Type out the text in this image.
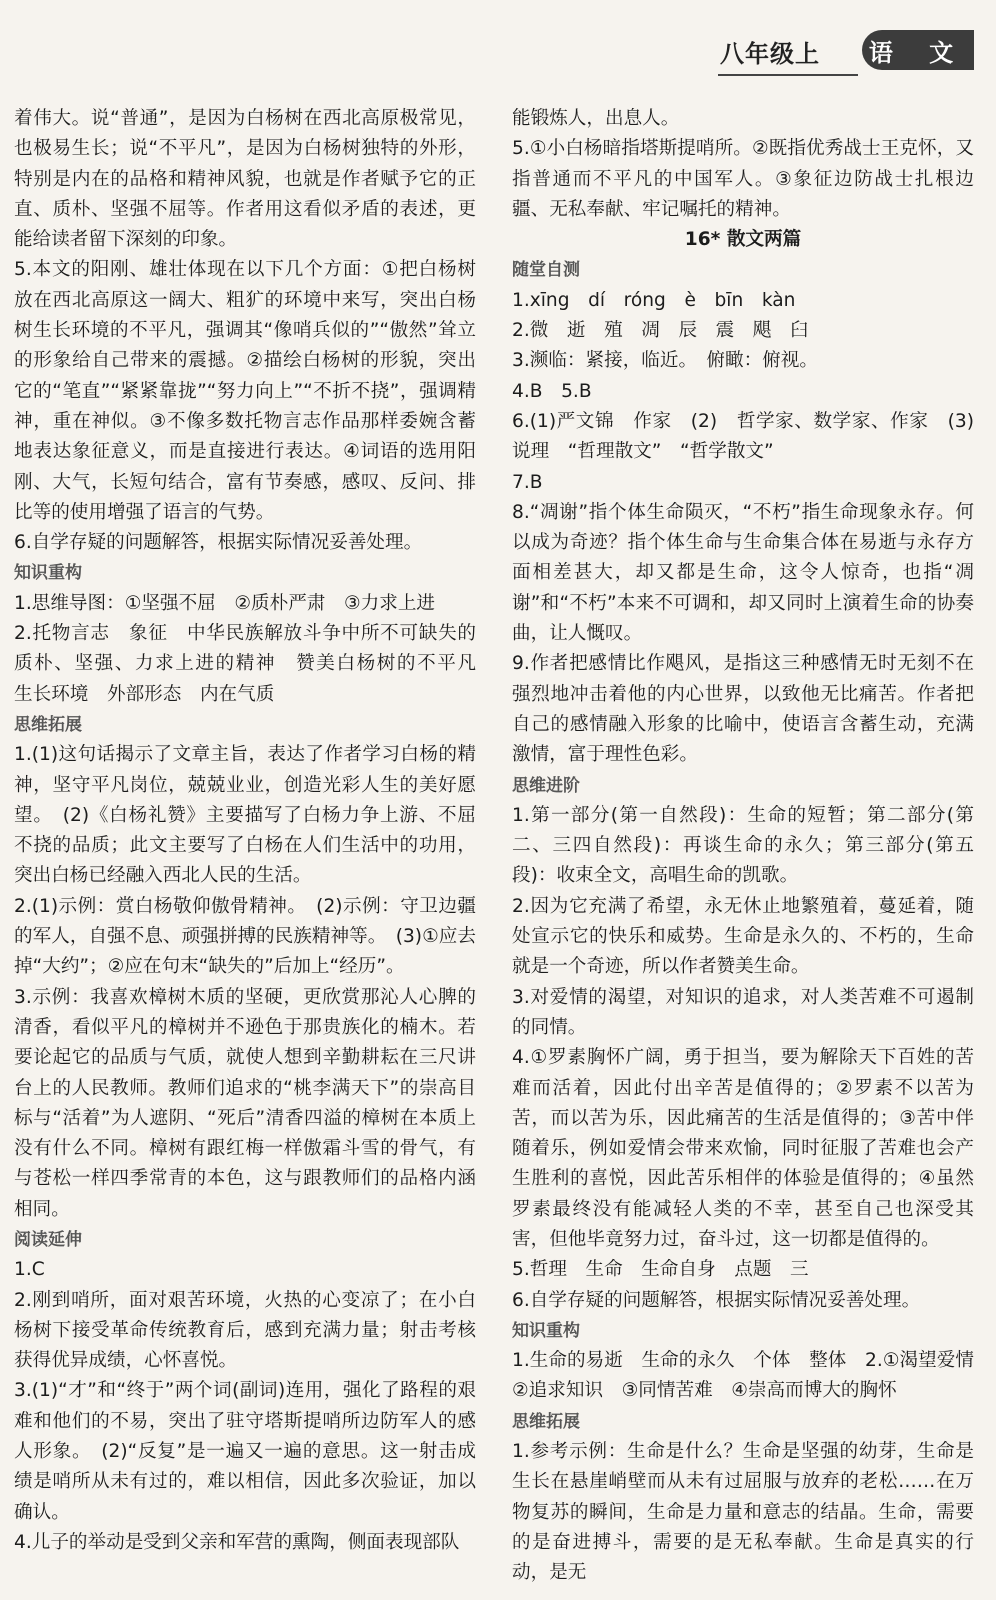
八年级上 语 文

着伟大。说“普通”，是因为白杨树在西北高原极常见，也极易生长；说“不平凡”，是因为白杨树独特的外形，特别是内在的品格和精神风貌，也就是作者赋予它的正直、质朴、坚强不屈等。作者用这看似矛盾的表述，更能给读者留下深刻的印象。

5.本文的阳刚、雄壮体现在以下几个方面：①把白杨树放在西北高原这一阔大、粗犷的环境中来写，突出白杨树生长环境的不平凡，强调其“像哨兵似的”“傲然”耸立的形象给自己带来的震撼。②描绘白杨树的形貌，突出它的“笔直”“紧紧靠拢”“努力向上”“不折不挠”，强调精神，重在神似。③不像多数托物言志作品那样委婉含蓄地表达象征意义，而是直接进行表达。④词语的选用阳刚、大气，长短句结合，富有节奏感，感叹、反问、排比等的使用增强了语言的气势。

6.自学存疑的问题解答，根据实际情况妥善处理。

知识重构

1.思维导图：①坚强不屈　②质朴严肃　③力求上进

2.托物言志　象征　中华民族解放斗争中所不可缺失的质朴、坚强、力求上进的精神　赞美白杨树的不平凡　生长环境　外部形态　内在气质

思维拓展

1.(1)这句话揭示了文章主旨，表达了作者学习白杨的精神，坚守平凡岗位，兢兢业业，创造光彩人生的美好愿望。　(2)《白杨礼赞》主要描写了白杨力争上游、不屈不挠的品质；此文主要写了白杨在人们生活中的功用，突出白杨已经融入西北人民的生活。

2.(1)示例：赏白杨敬仰傲骨精神。　(2)示例：守卫边疆的军人，自强不息、顽强拼搏的民族精神等。　(3)①应去掉“大约”；②应在句末“缺失的”后加上“经历”。

3.示例：我喜欢樟树木质的坚硬，更欣赏那沁人心脾的清香，看似平凡的樟树并不逊色于那贵族化的楠木。若要论起它的品质与气质，就使人想到辛勤耕耘在三尺讲台上的人民教师。教师们追求的“桃李满天下”的崇高目标与“活着”为人遮阴、“死后”清香四溢的樟树在本质上没有什么不同。樟树有跟红梅一样傲霜斗雪的骨气，有与苍松一样四季常青的本色，这与跟教师们的品格内涵相同。

阅读延伸

1.C

2.刚到哨所，面对艰苦环境，火热的心变凉了；在小白杨树下接受革命传统教育后，感到充满力量；射击考核获得优异成绩，心怀喜悦。

3.(1)“才”和“终于”两个词(副词)连用，强化了路程的艰难和他们的不易，突出了驻守塔斯提哨所边防军人的感人形象。　(2)“反复”是一遍又一遍的意思。这一射击成绩是哨所从未有过的，难以相信，因此多次验证，加以确认。

4.儿子的举动是受到父亲和军营的熏陶，侧面表现部队

能锻炼人，出息人。

5.①小白杨暗指塔斯提哨所。②既指优秀战士王克怀，又指普通而不平凡的中国军人。③象征边防战士扎根边疆、无私奉献、牢记嘱托的精神。

16* 散文两篇

随堂自测

1.xīng　dí　róng　è　bīn　kàn

2.微　逝　殖　凋　辰　震　飓　臼

3.濒临：紧接，临近。　俯瞰：俯视。

4.B　5.B

6.(1)严文锦　作家　(2)　哲学家、数学家、作家　(3)说理　“哲理散文”　“哲学散文”

7.B

8.“凋谢”指个体生命陨灭，“不朽”指生命现象永存。何以成为奇迹？指个体生命与生命集合体在易逝与永存方面相差甚大，却又都是生命，这令人惊奇，也指“凋谢”和“不朽”本来不可调和，却又同时上演着生命的协奏曲，让人慨叹。

9.作者把感情比作飓风，是指这三种感情无时无刻不在强烈地冲击着他的内心世界，以致他无比痛苦。作者把自己的感情融入形象的比喻中，使语言含蓄生动，充满激情，富于理性色彩。

思维进阶

1.第一部分(第一自然段)：生命的短暂；第二部分(第二、三四自然段)：再谈生命的永久；第三部分(第五段)：收束全文，高唱生命的凯歌。

2.因为它充满了希望，永无休止地繁殖着，蔓延着，随处宣示它的快乐和威势。生命是永久的、不朽的，生命就是一个奇迹，所以作者赞美生命。

3.对爱情的渴望，对知识的追求，对人类苦难不可遏制的同情。

4.①罗素胸怀广阔，勇于担当，要为解除天下百姓的苦难而活着，因此付出辛苦是值得的；②罗素不以苦为苦，而以苦为乐，因此痛苦的生活是值得的；③苦中伴随着乐，例如爱情会带来欢愉，同时征服了苦难也会产生胜利的喜悦，因此苦乐相伴的体验是值得的；④虽然罗素最终没有能减轻人类的不幸，甚至自己也深受其害，但他毕竟努力过，奋斗过，这一切都是值得的。

5.哲理　生命　生命自身　点题　三

6.自学存疑的问题解答，根据实际情况妥善处理。

知识重构

1.生命的易逝　生命的永久　个体　整体　2.①渴望爱情　②追求知识　③同情苦难　④崇高而博大的胸怀

思维拓展

1.参考示例：生命是什么？生命是坚强的幼芽，生命是生长在悬崖峭壁而从未有过屈服与放弃的老松……在万物复苏的瞬间，生命是力量和意志的结晶。生命，需要的是奋进搏斗，需要的是无私奉献。生命是真实的行动，是无
